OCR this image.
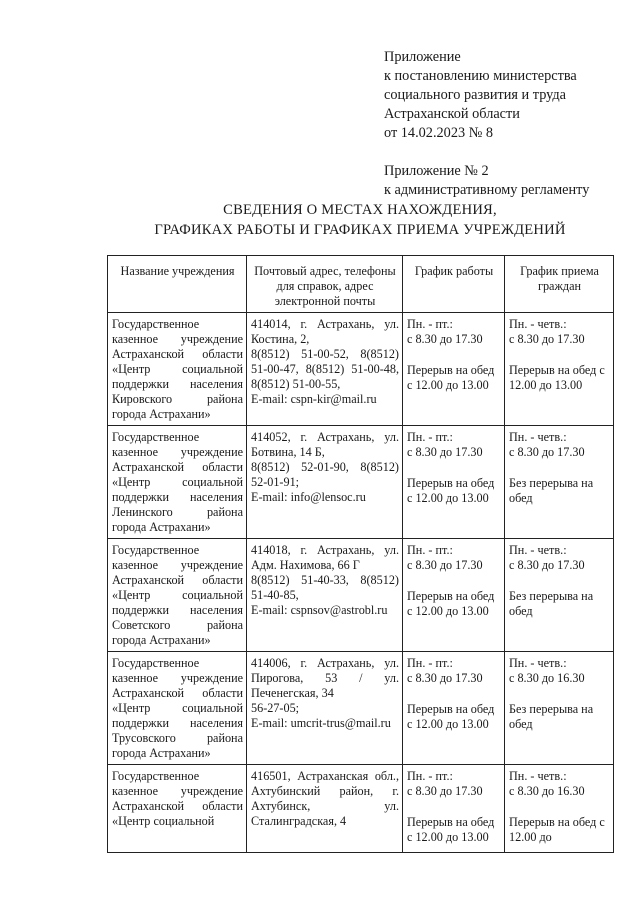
Приложение
к постановлению министерства
социального развития и труда
Астраханской области
от 14.02.2023 № 8
Приложение № 2
к административному регламенту
СВЕДЕНИЯ О МЕСТАХ НАХОЖДЕНИЯ,
ГРАФИКАХ РАБОТЫ И ГРАФИКАХ ПРИЕМА УЧРЕЖДЕНИЙ
Название учреждения	Почтовый адрес, телефоны для справок, адрес электронной почты	График работы	График приема граждан
Государственное казенное учреждение Астраханской области «Центр социальной поддержки населения Кировского района города Астрахани»	414014, г. Астрахань, ул. Костина, 2,
8(8512) 51-00-52, 8(8512) 51-00-47, 8(8512) 51-00-48, 8(8512) 51-00-55,
E-mail: cspn-kir@mail.ru	Пн. - пт.:
с 8.30 до 17.30
Перерыв на обед с 12.00 до 13.00	Пн. - четв.:
с 8.30 до 17.30
Перерыв на обед с 12.00 до 13.00

Государственное казенное учреждение Астраханской области «Центр социальной поддержки населения Ленинского района города Астрахани»	414052, г. Астрахань, ул. Ботвина, 14 Б,
8(8512) 52-01-90, 8(8512) 52-01-91;
E-mail: info@lensoc.ru	Пн. - пт.:
с 8.30 до 17.30
Перерыв на обед с 12.00 до 13.00	Пн. - четв.:
с 8.30 до 17.30
Без перерыва на обед

Государственное казенное учреждение Астраханской области «Центр социальной поддержки населения Советского района города Астрахани»	414018, г. Астрахань, ул. Адм. Нахимова, 66 Г
8(8512) 51-40-33, 8(8512) 51-40-85,
E-mail: cspnsov@astrobl.ru	Пн. - пт.:
с 8.30 до 17.30
Перерыв на обед с 12.00 до 13.00	Пн. - четв.:
с 8.30 до 17.30
Без перерыва на обед

Государственное казенное учреждение Астраханской области «Центр социальной поддержки населения Трусовского района города Астрахани»	414006, г. Астрахань, ул. Пирогова, 53 / ул. Печенегская, 34
56-27-05;
E-mail: umcrit-trus@mail.ru	Пн. - пт.:
с 8.30 до 17.30
Перерыв на обед с 12.00 до 13.00	Пн. - четв.:
с 8.30 до 16.30
Без перерыва на обед

Государственное казенное учреждение Астраханской области «Центр социальной	416501, Астраханская обл., Ахтубинский район, г. Ахтубинск, ул. Сталинградская, 4	Пн. - пт.:
с 8.30 до 17.30
Перерыв на обед с 12.00 до 13.00	Пн. - четв.:
с 8.30 до 16.30
Перерыв на обед с 12.00 до
